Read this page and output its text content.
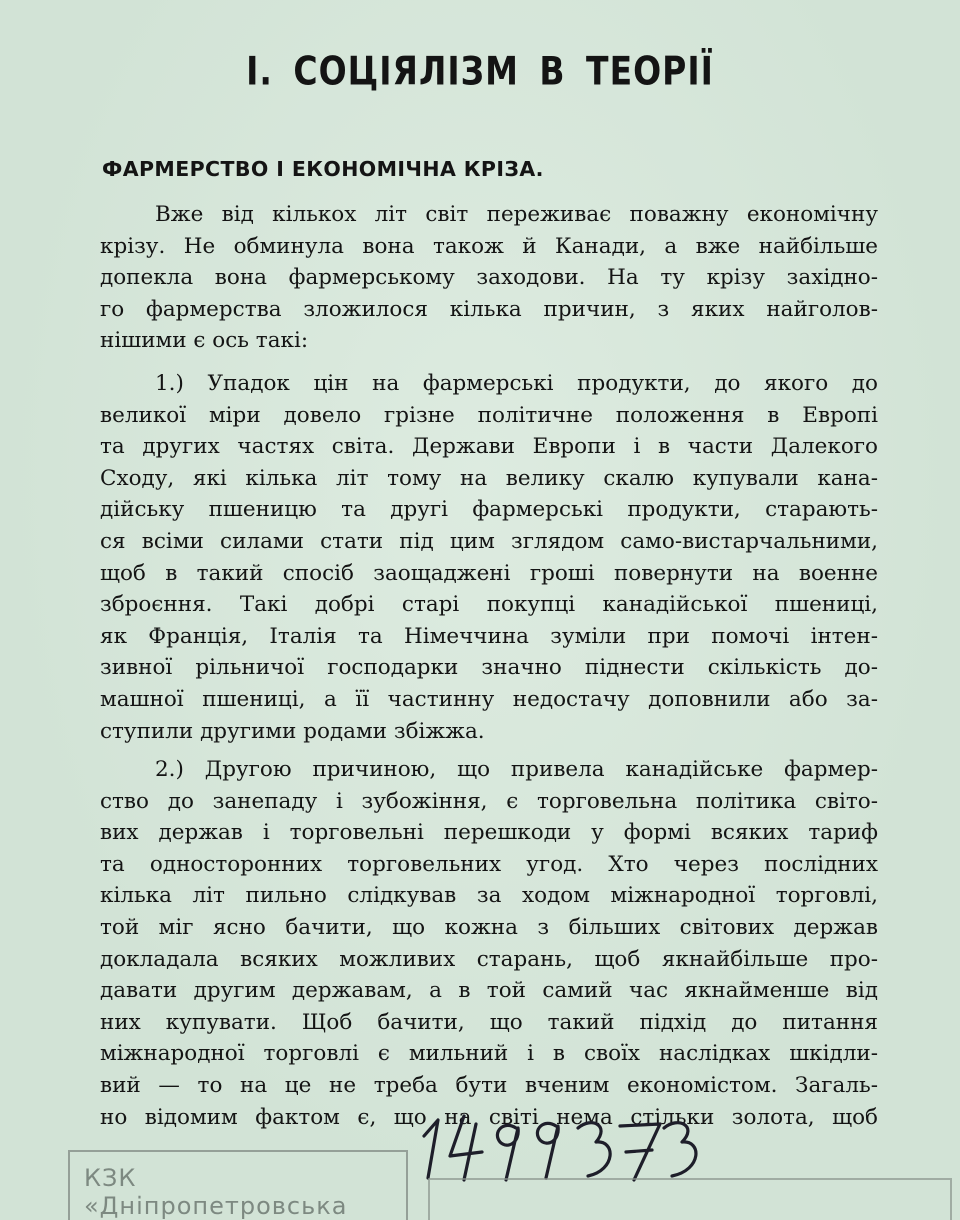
І. СОЦІЯЛІЗМ В ТЕОРІЇ
ФАРМЕРСТВО І ЕКОНОМІЧНА КРІЗА.
Вже від кількох літ світ переживає поважну економічну
крізу. Не обминула вона також й Канади, а вже найбільше
допекла вона фармерському заходови. На ту крізу західно-
го фармерства зложилося кілька причин, з яких найголов-
нішими є ось такі:
1.) Упадок цін на фармерські продукти, до якого до
великої міри довело грізне політичне положення в Европі
та других частях світа. Держави Европи і в части Далекого
Сходу, які кілька літ тому на велику скалю купували кана-
дійську пшеницю та другі фармерські продукти, старають-
ся всіми силами стати під цим зглядом само-вистарчальними,
щоб в такий спосіб заощаджені гроші повернути на военне
зброєння. Такі добрі старі покупці канадійської пшениці,
як Франція, Італія та Німеччина зуміли при помочі інтен-
зивної рільничої господарки значно піднести скількість до-
машної пшениці, а її частинну недостачу доповнили або за-
ступили другими родами збіжжа.
2.) Другою причиною, що привела канадійське фармер-
ство до занепаду і зубожіння, є торговельна політика світо-
вих держав і торговельні перешкоди у формі всяких тариф
та односторонних торговельних угод. Хто через послідних
кілька літ пильно слідкував за ходом міжнародної торговлі,
той міг ясно бачити, що кожна з більших світових держав
докладала всяких можливих старань, щоб якнайбільше про-
давати другим державам, а в той самий час якнайменше від
них купувати. Щоб бачити, що такий підхід до питання
міжнародної торговлі є мильний і в своїх наслідках шкідли-
вий — то на це не треба бути вченим економістом. Загаль-
но відомим фактом є, що на світі нема стільки золота, щоб
КЗК «Дніпропетровська
